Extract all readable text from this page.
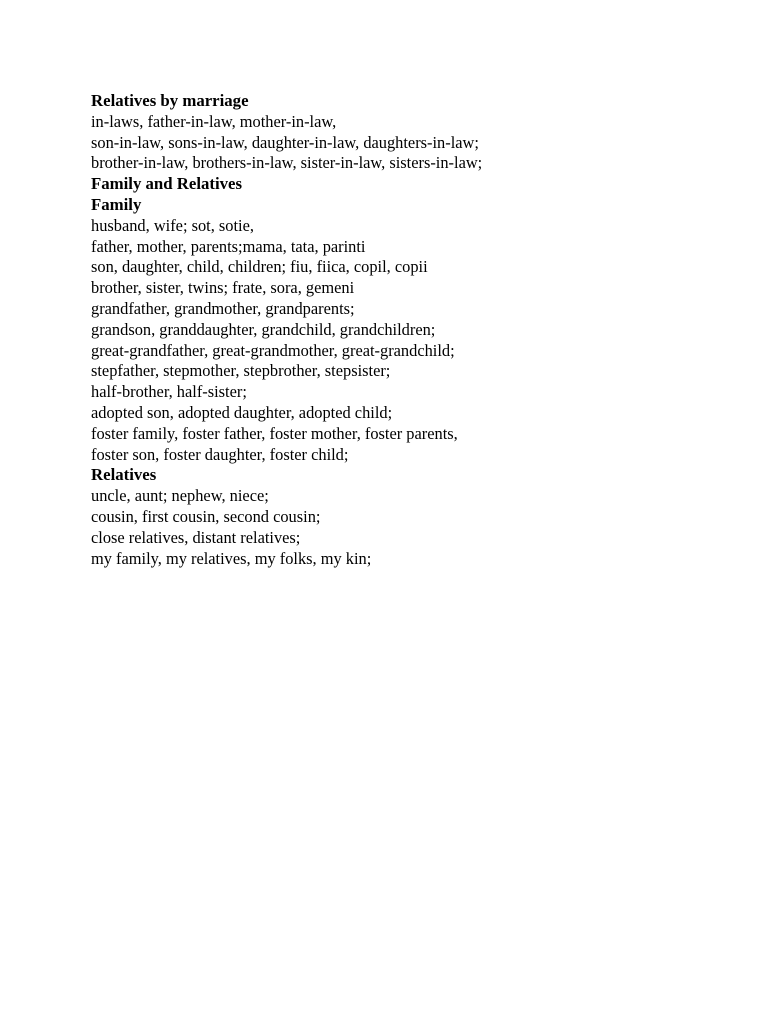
Relatives by marriage

in-laws, father-in-law, mother-in-law,

son-in-law, sons-in-law, daughter-in-law, daughters-in-law;

brother-in-law, brothers-in-law, sister-in-law, sisters-in-law;

Family and Relatives

Family

husband, wife; sot, sotie,

father, mother, parents;mama, tata, parinti

son, daughter, child, children; fiu, fiica, copil, copii

brother, sister, twins; frate, sora, gemeni

grandfather, grandmother, grandparents;

grandson, granddaughter, grandchild, grandchildren;

great-grandfather, great-grandmother, great-grandchild;

stepfather, stepmother, stepbrother, stepsister;

half-brother, half-sister;

adopted son, adopted daughter, adopted child;

foster family, foster father, foster mother, foster parents,

foster son, foster daughter, foster child;

Relatives

uncle, aunt; nephew, niece;

cousin, first cousin, second cousin;

close relatives, distant relatives;

my family, my relatives, my folks, my kin;
